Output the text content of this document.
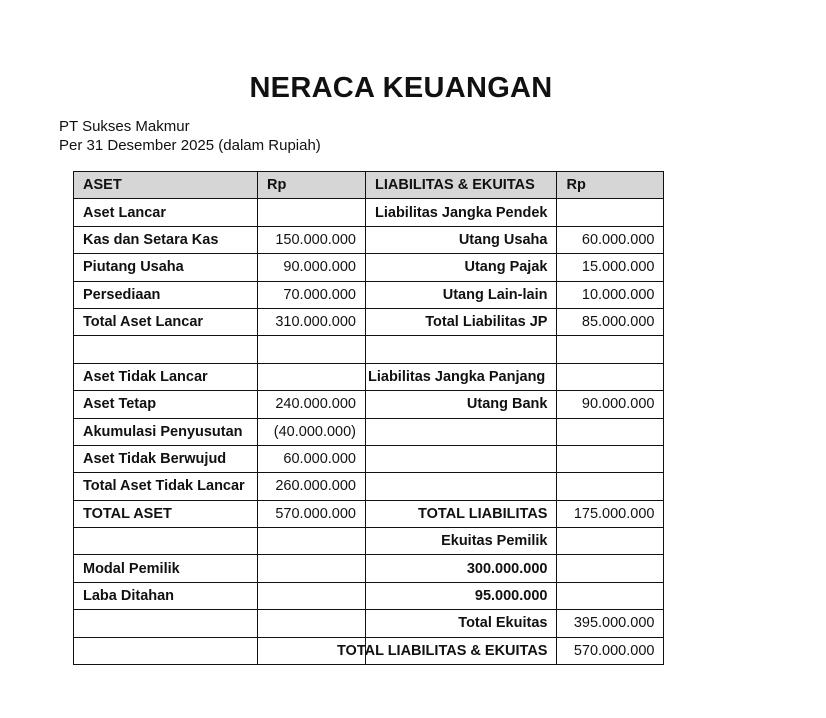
NERACA KEUANGAN
PT Sukses Makmur
Per 31 Desember 2025 (dalam Rupiah)
ASET	Rp	LIABILITAS & EKUITAS	Rp
Aset Lancar		Liabilitas Jangka Pendek	
Kas dan Setara Kas	150.000.000	Utang Usaha	60.000.000
Piutang Usaha	90.000.000	Utang Pajak	15.000.000
Persediaan	70.000.000	Utang Lain-lain	10.000.000
Total Aset Lancar	310.000.000	Total Liabilitas JP	85.000.000

Aset Tidak Lancar		Liabilitas Jangka Panjang	
Aset Tetap	240.000.000	Utang Bank	90.000.000
Akumulasi Penyusutan	(40.000.000)		
Aset Tidak Berwujud	60.000.000		
Total Aset Tidak Lancar	260.000.000		
TOTAL ASET	570.000.000	TOTAL LIABILITAS	175.000.000
		Ekuitas Pemilik	
Modal Pemilik		300.000.000	
Laba Ditahan		95.000.000	
		Total Ekuitas	395.000.000

		TOTAL LIABILITAS & EKUITAS	570.000.000
